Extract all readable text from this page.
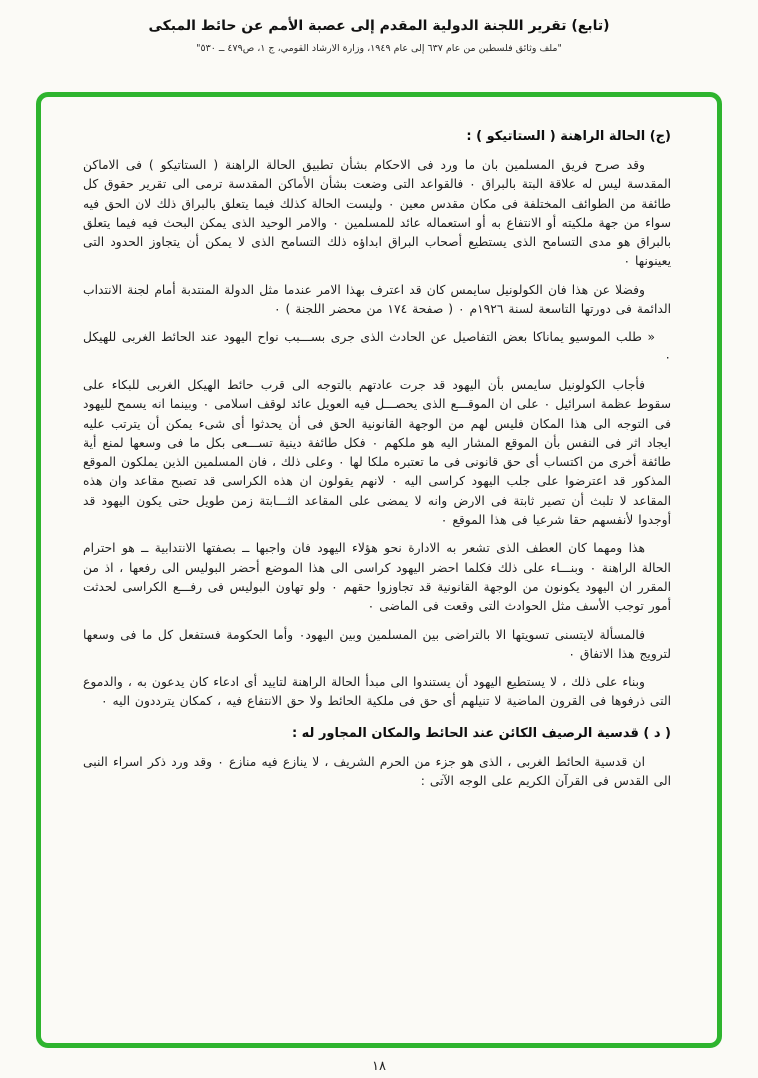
(تابع) تقرير اللجنة الدولية المقدم إلى عصبة الأمم عن حائط المبكى
"ملف وثائق فلسطين من عام ٦٣٧ إلى عام ١٩٤٩، وزارة الارشاد القومي، ج ١، ص٤٧٩ ــ ٥٣٠"
(ج) الحالة الراهنة ( الستاتيكو ) :

وقد صرح فريق المسلمين بان ما ورد فى الاحكام بشأن تطبيق الحالة الراهنة ( الستاتيكو ) فى الاماكن المقدسة ليس له علاقة البتة بالبراق ٠ فالقواعد التى وضعت بشأن الأماكن المقدسة ترمى الى تقرير حقوق كل طائفة من الطوائف المختلفة فى مكان مقدس معين ٠ وليست الحالة كذلك فيما يتعلق بالبراق ذلك لان الحق فيه سواء من جهة ملكيته أو الانتفاع به أو استعماله عائد للمسلمين ٠ والامر الوحيد الذى يمكن البحث فيه فيما يتعلق بالبراق هو مدى التسامح الذى يستطيع أصحاب البراق ابداؤه ذلك التسامح الذى لا يمكن أن يتجاوز الحدود التى يعينونها ٠

وفضلا عن هذا فان الكولونيل سايمس كان قد اعترف بهذا الامر عندما مثل الدولة المنتدبة أمام لجنة الانتداب الدائمة فى دورتها التاسعة لسنة ١٩٢٦م ٠ ( صفحة ١٧٤ من محضر اللجنة ) ٠

« طلب الموسيو يماناكا بعض التفاصيل عن الحادث الذى جرى بســـبب نواح اليهود عند الحائط الغربى للهيكل ٠

فأجاب الكولونيل سايمس بأن اليهود قد جرت عادتهم بالتوجه الى قرب حائط الهيكل الغربى للبكاء على سقوط عظمة اسرائيل ٠ على ان الموقـــع الذى يحصـــل فيه العويل عائد لوقف اسلامى ٠ وبينما انه يسمح لليهود فى التوجه الى هذا المكان فليس لهم من الوجهة القانونية الحق فى أن يحدثوا أى شىء يمكن أن يترتب عليه ايجاد اثر فى النفس بأن الموقع المشار اليه هو ملكهم ٠ فكل طائفة دينية تســـعى بكل ما فى وسعها لمنع أية طائفة أخرى من اكتساب أى حق قانونى فى ما تعتبره ملكا لها ٠ وعلى ذلك ، فان المسلمين الذين يملكون الموقع المذكور قد اعترضوا على جلب اليهود كراسى اليه ٠ لانهم يقولون ان هذه الكراسى قد تصبح مقاعد وان هذه المقاعد لا تلبث أن تصير ثابتة فى الارض وانه لا يمضى على المقاعد الثـــابتة زمن طويل حتى يكون اليهود قد أوجدوا لأنفسهم حقا شرعيا فى هذا الموقع ٠

هذا ومهما كان العطف الذى تشعر به الادارة نحو هؤلاء اليهود فان واجبها ــ بصفتها الانتدابية ــ هو احترام الحالة الراهنة ٠ وبنـــاء على ذلك فكلما احضر اليهود كراسى الى هذا الموضع أحضر البوليس الى رفعها ، اذ من المقرر ان اليهود يكونون من الوجهة القانونية قد تجاوزوا حقهم ٠ ولو تهاون البوليس فى رفـــع الكراسى لحدثت أمور توجب الأسف مثل الحوادث التى وقعت فى الماضى ٠

فالمسألة لايتسنى تسويتها الا بالتراضى بين المسلمين وبين اليهود٠ وأما الحكومة فستفعل كل ما فى وسعها لترويج هذا الاتفاق ٠

وبناء على ذلك ، لا يستطيع اليهود أن يستندوا الى مبدأ الحالة الراهنة لتاييد أى ادعاء كان يدعون به ، والدموع التى ذرفوها فى القرون الماضية لا تنيلهم أى حق فى ملكية الحائط ولا حق الانتفاع فيه ، كمكان يترددون اليه ٠

( د ) قدسية الرصيف الكائن عند الحائط والمكان المجاور له :

ان قدسية الحائط الغربى ، الذى هو جزء من الحرم الشريف ، لا ينازع فيه منازع ٠ وقد ورد ذكر اسراء النبى الى القدس فى القرآن الكريم على الوجه الآتى :

١٨
